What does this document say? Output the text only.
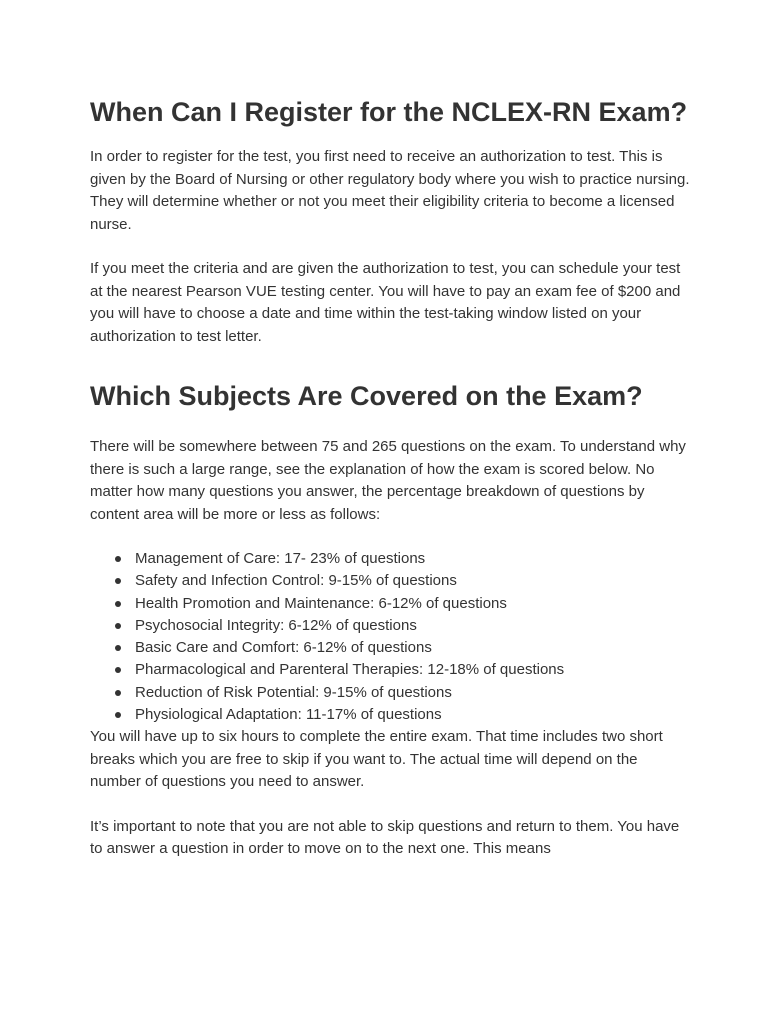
When Can I Register for the NCLEX-RN Exam?

In order to register for the test, you first need to receive an authorization to test. This is given by the Board of Nursing or other regulatory body where you wish to practice nursing. They will determine whether or not you meet their eligibility criteria to become a licensed nurse.

If you meet the criteria and are given the authorization to test, you can schedule your test at the nearest Pearson VUE testing center. You will have to pay an exam fee of $200 and you will have to choose a date and time within the test-taking window listed on your authorization to test letter.

Which Subjects Are Covered on the Exam?

There will be somewhere between 75 and 265 questions on the exam. To understand why there is such a large range, see the explanation of how the exam is scored below. No matter how many questions you answer, the percentage breakdown of questions by content area will be more or less as follows:

Management of Care: 17- 23% of questions
Safety and Infection Control: 9-15% of questions
Health Promotion and Maintenance: 6-12% of questions
Psychosocial Integrity: 6-12% of questions
Basic Care and Comfort: 6-12% of questions
Pharmacological and Parenteral Therapies: 12-18% of questions
Reduction of Risk Potential: 9-15% of questions
Physiological Adaptation: 11-17% of questions

You will have up to six hours to complete the entire exam. That time includes two short breaks which you are free to skip if you want to. The actual time will depend on the number of questions you need to answer.

It’s important to note that you are not able to skip questions and return to them. You have to answer a question in order to move on to the next one. This means
